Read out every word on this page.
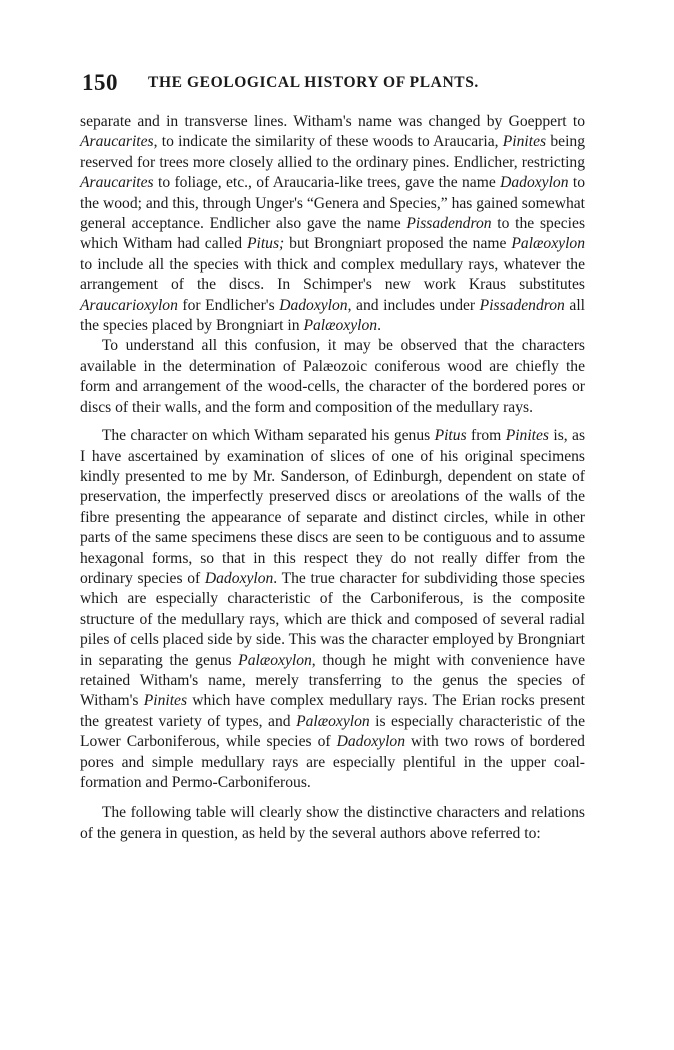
150 THE GEOLOGICAL HISTORY OF PLANTS.

separate and in transverse lines. Witham's name was changed by Goeppert to Araucarites, to indicate the similarity of these woods to Araucaria, Pinites being reserved for trees more closely allied to the ordinary pines. Endlicher, restricting Araucarites to foliage, etc., of Araucaria-like trees, gave the name Dadoxylon to the wood; and this, through Unger's “Genera and Species,” has gained somewhat general acceptance. Endlicher also gave the name Pissadendron to the species which Witham had called Pitus; but Brongniart proposed the name Palæoxylon to include all the species with thick and complex medullary rays, whatever the arrangement of the discs. In Schimper's new work Kraus substitutes Araucarioxylon for Endlicher's Dadoxylon, and includes under Pissadendron all the species placed by Brongniart in Palæoxylon.

To understand all this confusion, it may be observed that the characters available in the determination of Palæozoic coniferous wood are chiefly the form and arrangement of the wood-cells, the character of the bordered pores or discs of their walls, and the form and composition of the medullary rays.

The character on which Witham separated his genus Pitus from Pinites is, as I have ascertained by examination of slices of one of his original specimens kindly presented to me by Mr. Sanderson, of Edinburgh, dependent on state of preservation, the imperfectly preserved discs or areolations of the walls of the fibre presenting the appearance of separate and distinct circles, while in other parts of the same specimens these discs are seen to be contiguous and to assume hexagonal forms, so that in this respect they do not really differ from the ordinary species of Dadoxylon. The true character for subdividing those species which are especially characteristic of the Carboniferous, is the composite structure of the medullary rays, which are thick and composed of several radial piles of cells placed side by side. This was the character employed by Brongniart in separating the genus Palæoxylon, though he might with convenience have retained Witham's name, merely transferring to the genus the species of Witham's Pinites which have complex medullary rays. The Erian rocks present the greatest variety of types, and Palæoxylon is especially characteristic of the Lower Carboniferous, while species of Dadoxylon with two rows of bordered pores and simple medullary rays are especially plentiful in the upper coal-formation and Permo-Carboniferous.

The following table will clearly show the distinctive characters and relations of the genera in question, as held by the several authors above referred to:
